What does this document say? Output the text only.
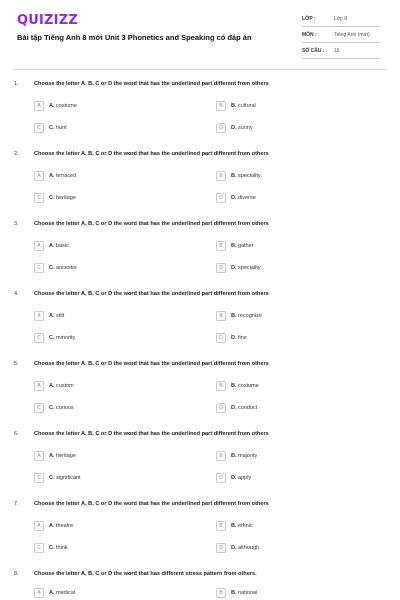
QUIZIZZ
Bài tập Tiếng Anh 8 mới Unit 3 Phonetics and Speaking có đáp án
LỚP :	Lớp 8
MÔN :	Tiếng Anh (mới)
SỐ CÂU : 15
1.	Choose the letter A, B, C or D the word that has the underlined part different from others
A	A. costume	B	B. cultural
C	C. hunt	D	D. sunny
2.	Choose the letter A, B, C or D the word that has the underlined part different from others
A	A. terraced	B	B. speciality
C	C. heritage	D	D. diverse
3.	Choose the letter A, B, C or D the word that has the underlined part different from others
A	A. basic	B	B. gather
C	C. ancestor	D	D. speciality
4.	Choose the letter A, B, C or D the word that has the underlined part different from others
A	A. stilt	B	B. recognize
C	C. minority	D	D. fine
5.	Choose the letter A, B, C or D the word that has the underlined part different from others
A	A. custom	B	B. costume
C	C. curious	D	D. conduct
6.	Choose the letter A, B, C or D the word that has the underlined part different from others
A	A. heritage	B	B. majority
C	C. significant	D	D. apply
7.	Choose the letter A, B, C or D the word that has the underlined part different from others
A	A. theatre	B	B. ethnic
C	C. think	D	D. although
8.	Choose the letter A, B, C or D the word that has different stress pattern from others.
A	A. medical	B	B. national
